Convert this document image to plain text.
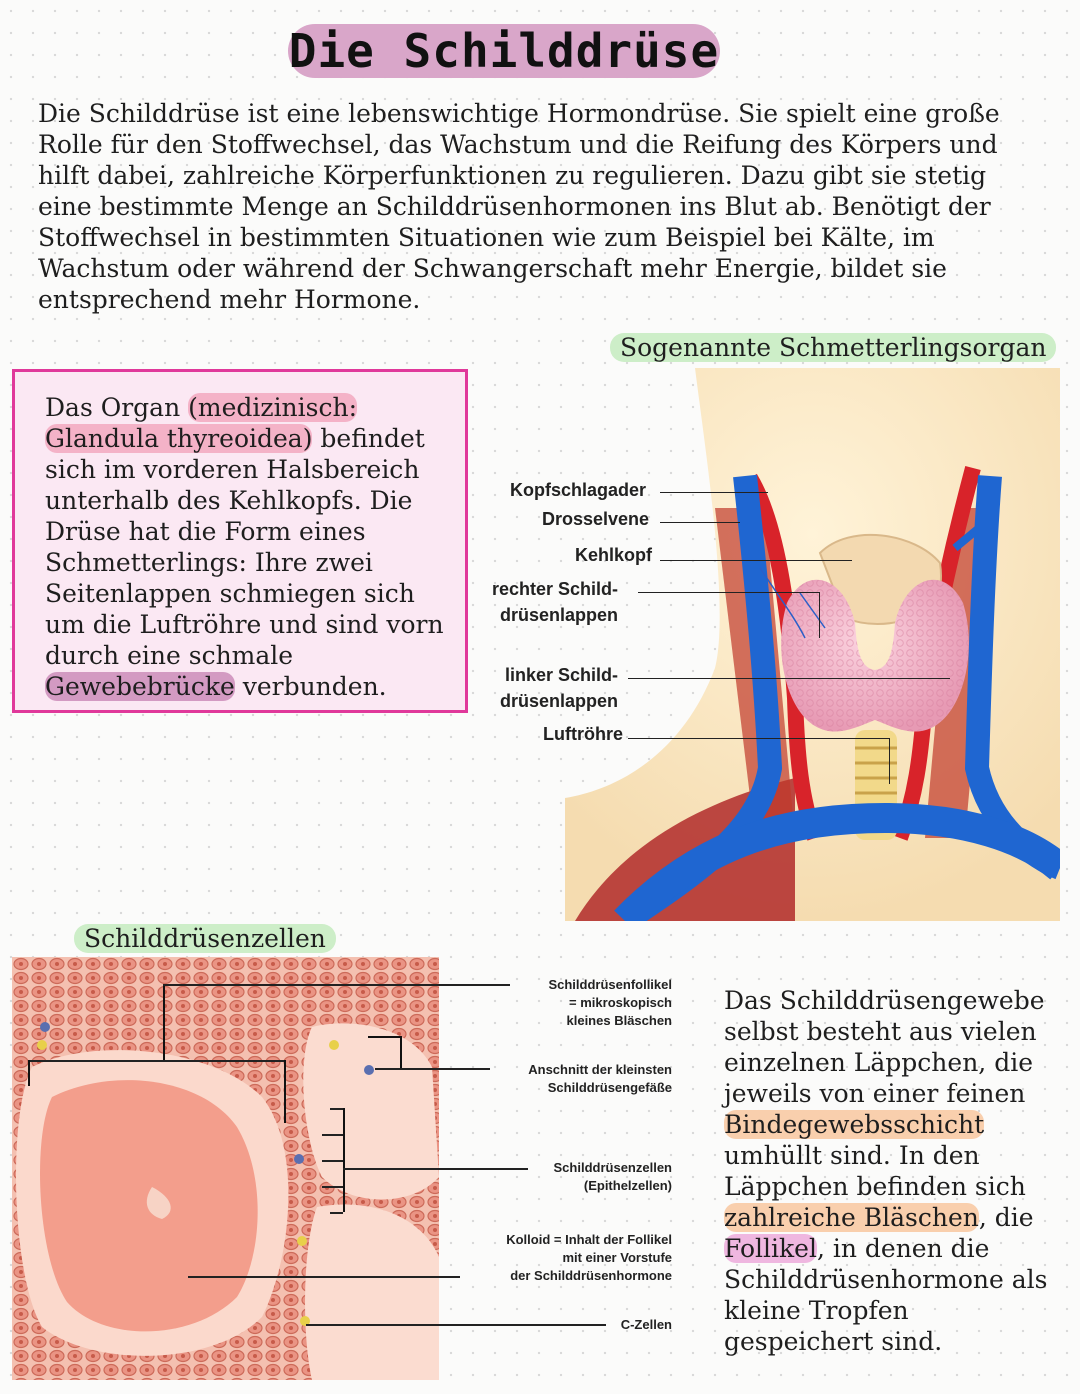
Die Schilddrüse
Die Schilddrüse ist eine lebenswichtige Hormondrüse. Sie spielt eine große
Rolle für den Stoffwechsel, das Wachstum und die Reifung des Körpers und
hilft dabei, zahlreiche Körperfunktionen zu regulieren. Dazu gibt sie stetig
eine bestimmte Menge an Schilddrüsenhormonen ins Blut ab. Benötigt der
Stoffwechsel in bestimmten Situationen wie zum Beispiel bei Kälte, im
Wachstum oder während der Schwangerschaft mehr Energie, bildet sie
entsprechend mehr Hormone.
Sogenannte Schmetterlingsorgan
Das Organ (medizinisch:
Glandula thyreoidea) befindet
sich im vorderen Halsbereich
unterhalb des Kehlkopfs. Die
Drüse hat die Form eines
Schmetterlings: Ihre zwei
Seitenlappen schmiegen sich
um die Luftröhre und sind vorn
durch eine schmale
Gewebebrücke verbunden.
Kopfschlagader
Drosselvene
Kehlkopf
rechter Schild-
drüsenlappen
linker Schild-
drüsenlappen
Luftröhre
Schilddrüsenzellen
Schilddrüsenfollikel
= mikroskopisch
kleines Bläschen
Anschnitt der kleinsten
Schilddrüsengefäße
Schilddrüsenzellen
(Epithelzellen)
Kolloid = Inhalt der Follikel
mit einer Vorstufe
der Schilddrüsenhormone
C-Zellen
Das Schilddrüsengewebe
selbst besteht aus vielen
einzelnen Läppchen, die
jeweils von einer feinen
Bindegewebsschicht
umhüllt sind. In den
Läppchen befinden sich
zahlreiche Bläschen, die
Follikel, in denen die
Schilddrüsenhormone als
kleine Tropfen
gespeichert sind.
